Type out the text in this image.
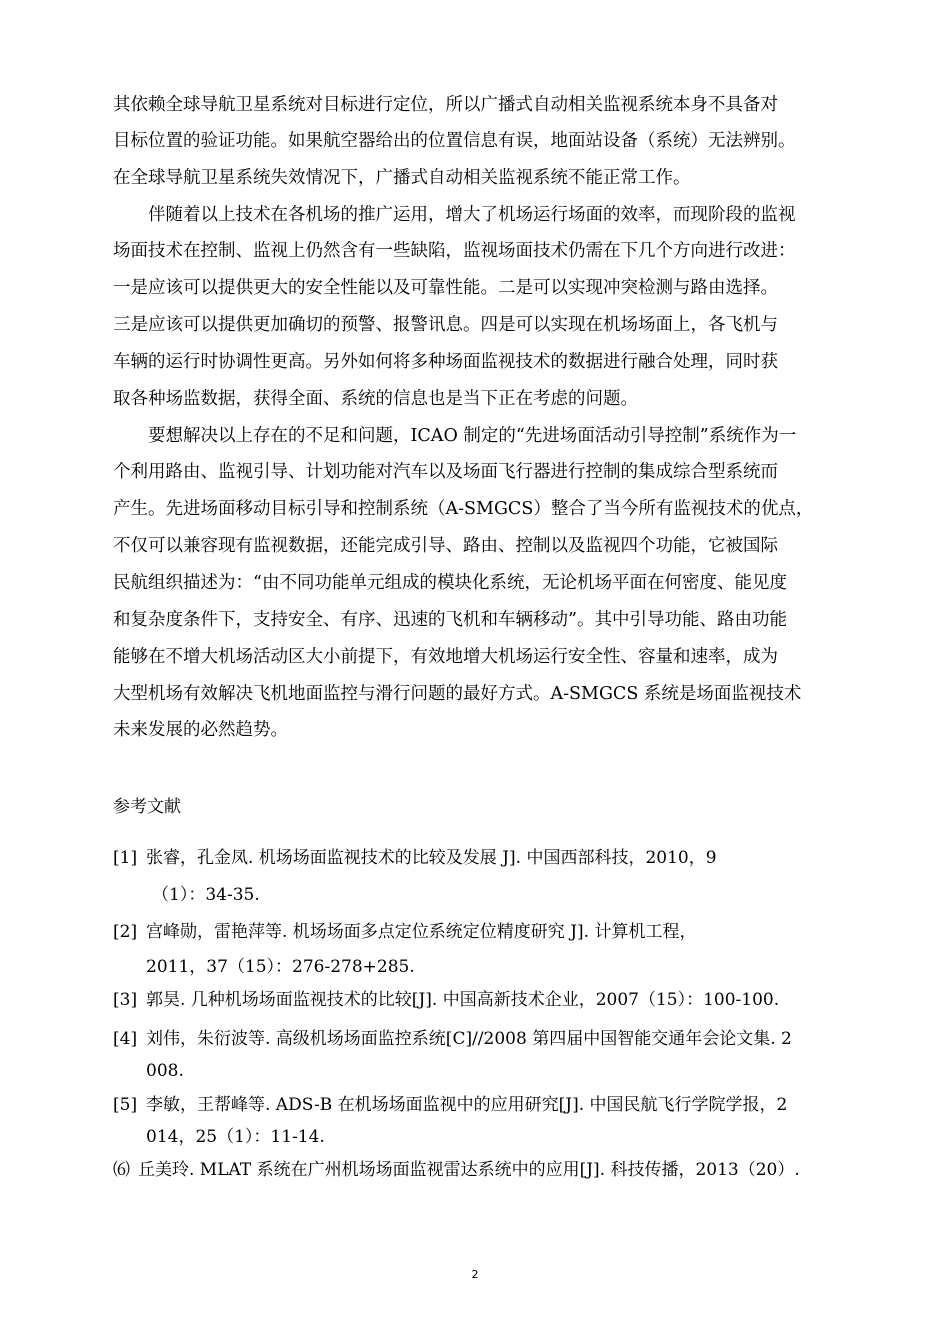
其依赖全球导航卫星系统对目标进行定位，所以广播式自动相关监视系统本身不具备对
目标位置的验证功能。如果航空器给出的位置信息有误，地面站设备（系统）无法辨别。
在全球导航卫星系统失效情况下，广播式自动相关监视系统不能正常工作。
伴随着以上技术在各机场的推广运用，增大了机场运行场面的效率，而现阶段的监视
场面技术在控制、监视上仍然含有一些缺陷，监视场面技术仍需在下几个方向进行改进：
一是应该可以提供更大的安全性能以及可靠性能。二是可以实现冲突检测与路由选择。
三是应该可以提供更加确切的预警、报警讯息。四是可以实现在机场场面上，各飞机与
车辆的运行时协调性更高。另外如何将多种场面监视技术的数据进行融合处理，同时获
取各种场监数据，获得全面、系统的信息也是当下正在考虑的问题。
要想解决以上存在的不足和问题，ICAO 制定的“先进场面活动引导控制”系统作为一
个利用路由、监视引导、计划功能对汽车以及场面飞行器进行控制的集成综合型系统而
产生。先进场面移动目标引导和控制系统（A-SMGCS）整合了当今所有监视技术的优点，
不仅可以兼容现有监视数据，还能完成引导、路由、控制以及监视四个功能，它被国际
民航组织描述为：“由不同功能单元组成的模块化系统，无论机场平面在何密度、能见度
和复杂度条件下，支持安全、有序、迅速的飞机和车辆移动”。其中引导功能、路由功能
能够在不增大机场活动区大小前提下，有效地增大机场运行安全性、容量和速率，成为
大型机场有效解决飞机地面监控与滑行问题的最好方式。A-SMGCS 系统是场面监视技术
未来发展的必然趋势。
参考文献
[1] 张睿，孔金凤. 机场场面监视技术的比较及发展 J]. 中国西部科技，2010，9
（1）：34-35.
[2] 宫峰勋，雷艳萍等. 机场场面多点定位系统定位精度研究 J]. 计算机工程，
2011，37（15）：276-278+285.
[3] 郭昊. 几种机场场面监视技术的比较[J]. 中国高新技术企业，2007（15）：100-100.
[4] 刘伟，朱衍波等. 高级机场场面监控系统[C]//2008 第四届中国智能交通年会论文集. 2
008.
[5] 李敏，王帮峰等. ADS-B 在机场场面监视中的应用研究[J]. 中国民航飞行学院学报，2
014，25（1）：11-14.
⑹ 丘美玲. MLAT 系统在广州机场场面监视雷达系统中的应用[J]. 科技传播，2013（20）.
2
